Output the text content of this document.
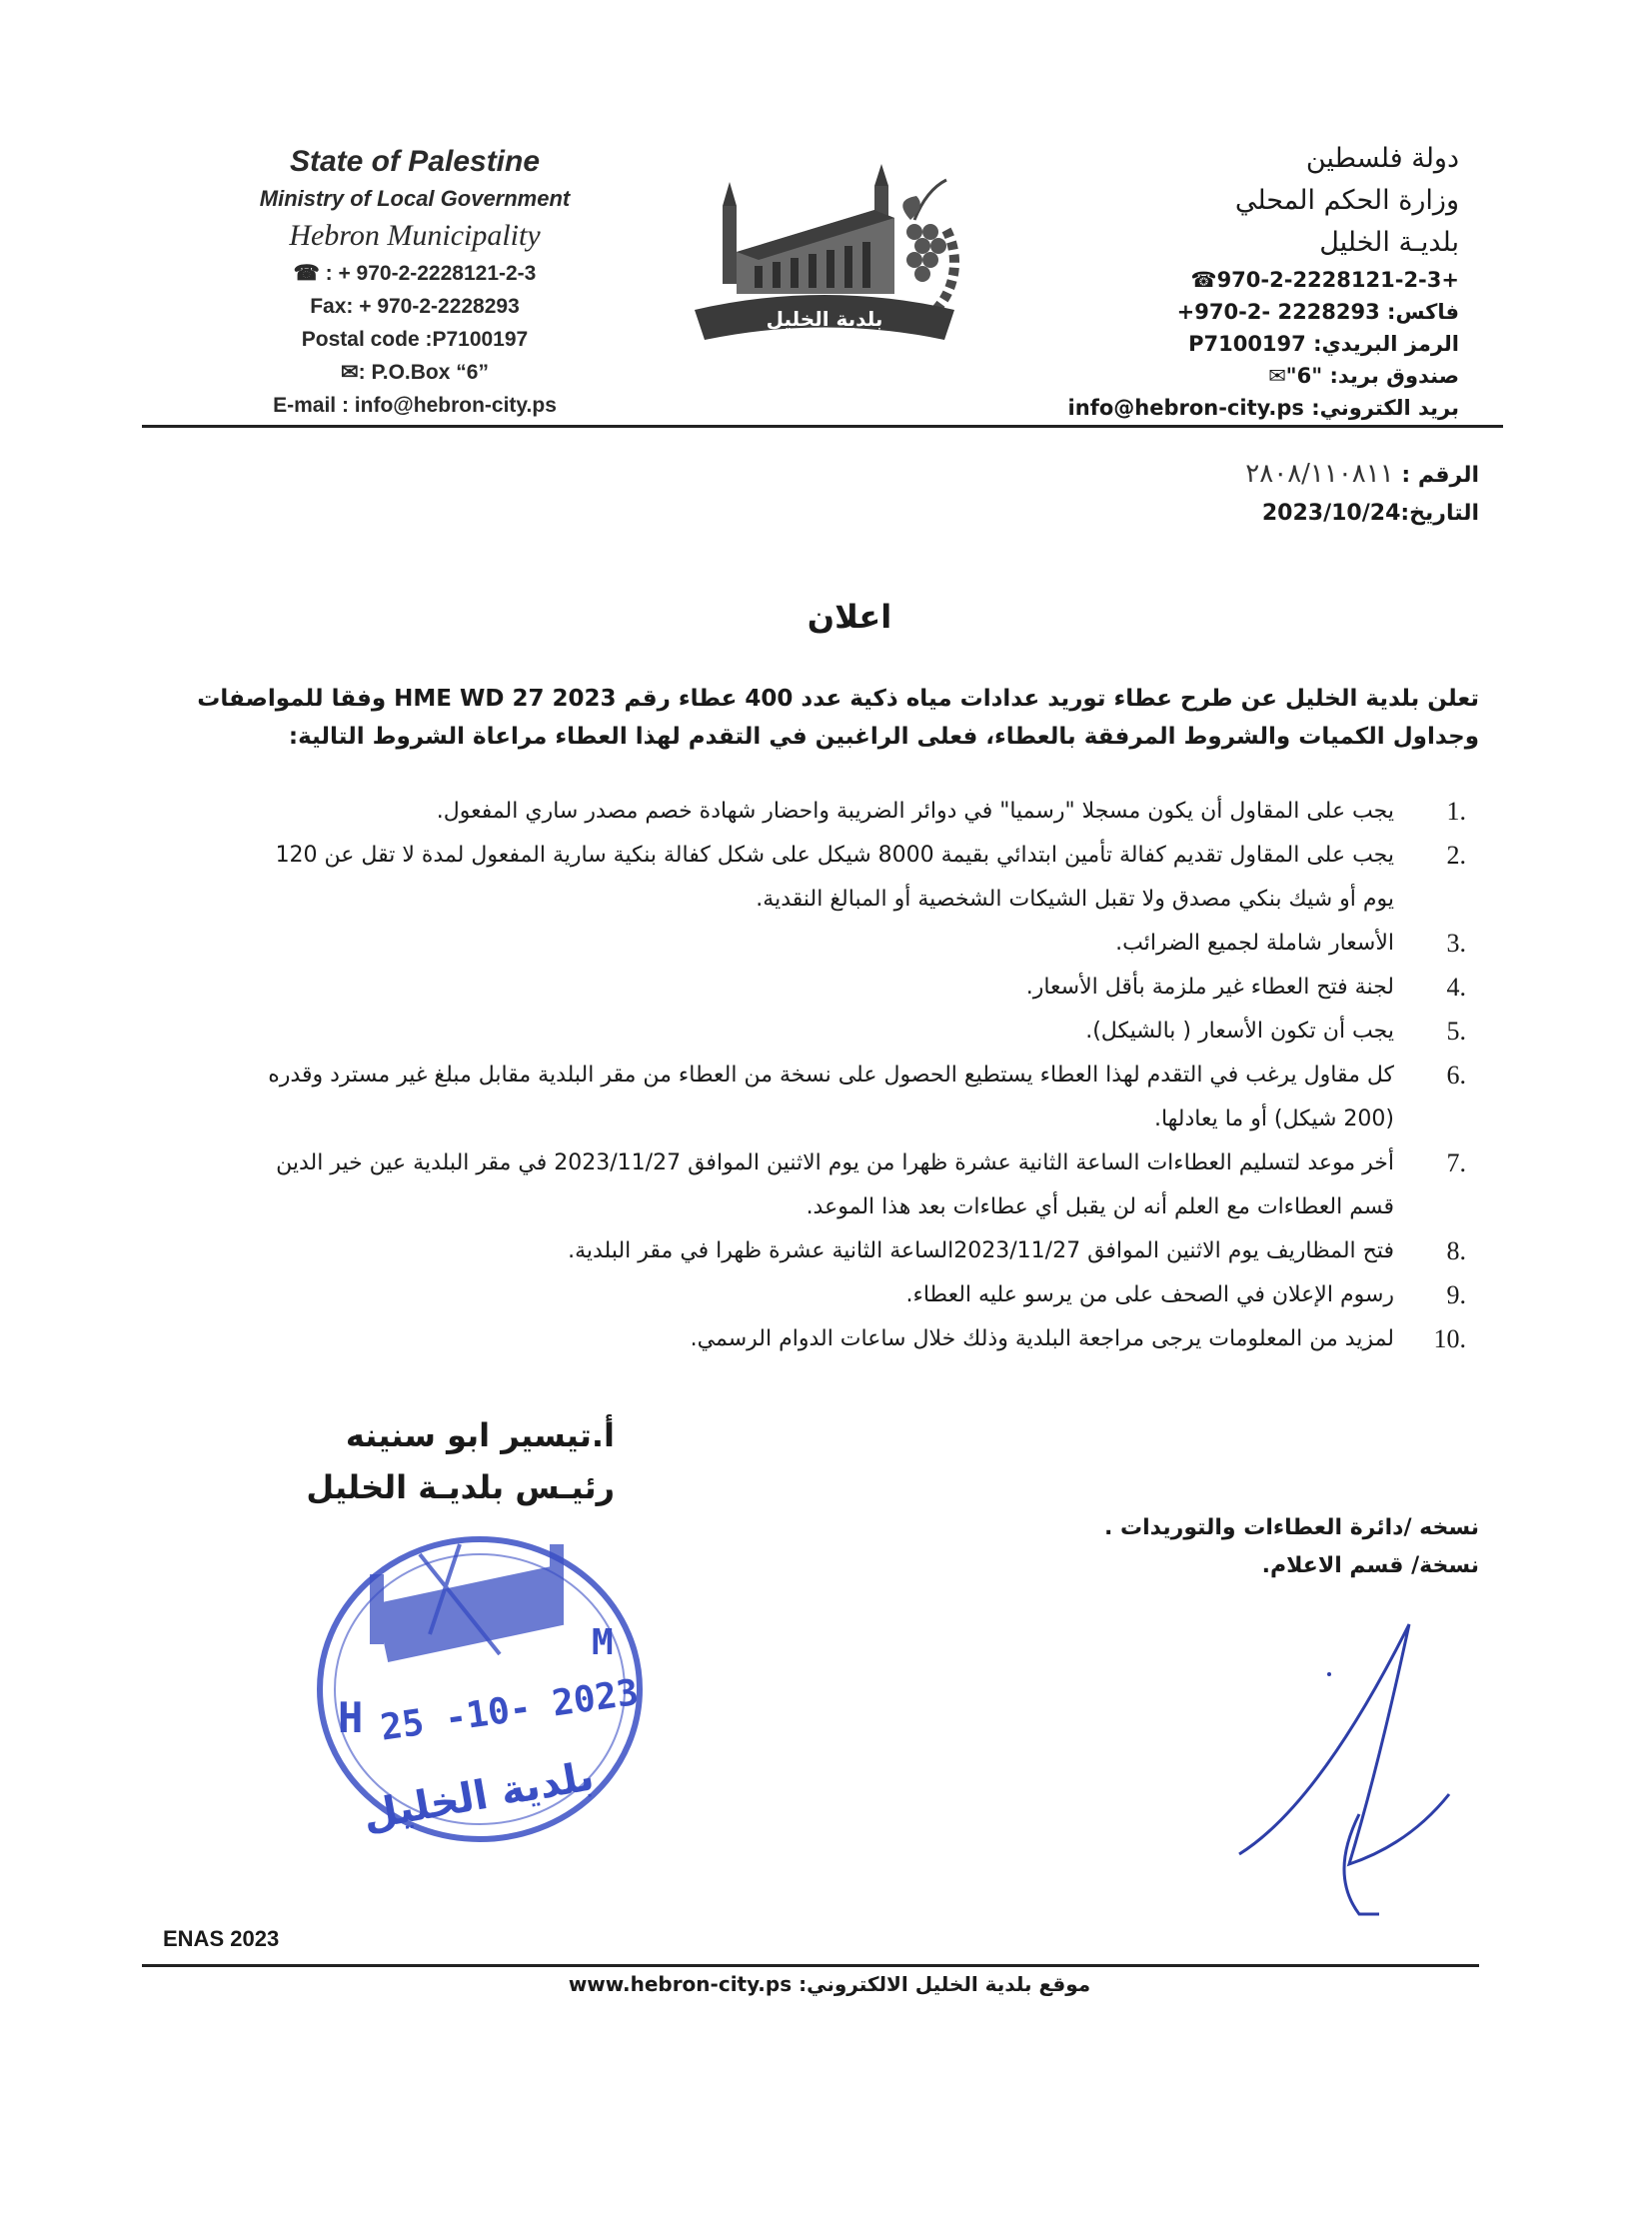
State of Palestine
Ministry of Local Government
Hebron Municipality
☎ : + 970-2-2228121-2-3
Fax: + 970-2-2228293
Postal code :P7100197
✉: P.O.Box “6”
E-mail : info@hebron-city.ps
بلدية الخليل
دولة فلسطين
وزارة الحكم المحلي
بلديـة الخليل
+970-2-2228121-2-3☎
فاكس: 2228293 -2-970+
الرمز البريدي: P7100197
صندوق بريد: "6"✉
بريد الكتروني: info@hebron-city.ps
الرقم : ٢٨٠٨/١١٠٨١١
التاريخ:2023/10/24
اعلان
تعلن بلدية الخليل عن طرح عطاء توريد عدادات مياه ذكية عدد 400 عطاء رقم HME WD 27 2023 وفقا للمواصفات وجداول الكميات والشروط المرفقة بالعطاء، فعلى الراغبين في التقدم لهذا العطاء مراعاة الشروط التالية:
1.
يجب على المقاول أن يكون مسجلا "رسميا" في دوائر الضريبة واحضار شهادة خصم مصدر ساري المفعول.
2.
يجب على المقاول تقديم كفالة تأمين ابتدائي بقيمة 8000 شيكل على شكل كفالة بنكية سارية المفعول لمدة لا تقل عن 120 يوم أو شيك بنكي مصدق ولا تقبل الشيكات الشخصية أو المبالغ النقدية.
3.
الأسعار شاملة لجميع الضرائب.
4.
لجنة فتح العطاء غير ملزمة بأقل الأسعار.
5.
يجب أن تكون الأسعار ( بالشيكل).
6.
كل مقاول يرغب في التقدم لهذا العطاء يستطيع الحصول على نسخة من العطاء من مقر البلدية مقابل مبلغ غير مسترد وقدره (200 شيكل) أو ما يعادلها.
7.
أخر موعد لتسليم العطاءات الساعة الثانية عشرة ظهرا من يوم الاثنين الموافق 2023/11/27 في مقر البلدية عين خير الدين قسم العطاءات مع العلم أنه لن يقبل أي عطاءات بعد هذا الموعد.
8.
فتح المظاريف يوم الاثنين الموافق 2023/11/27الساعة الثانية عشرة ظهرا في مقر البلدية.
9.
رسوم الإعلان في الصحف على من يرسو عليه العطاء.
10.
لمزيد من المعلومات يرجى مراجعة البلدية وذلك خلال ساعات الدوام الرسمي.
أ.تيسير ابو سنينه
رئيـس بلديـة الخليل
H 25 -10- 2023
M
بلدية الخليل
نسخه /دائرة العطاءات والتوريدات .
نسخة/ قسم الاعلام.
ENAS 2023
موقع بلدية الخليل الالكتروني: www.hebron-city.ps
